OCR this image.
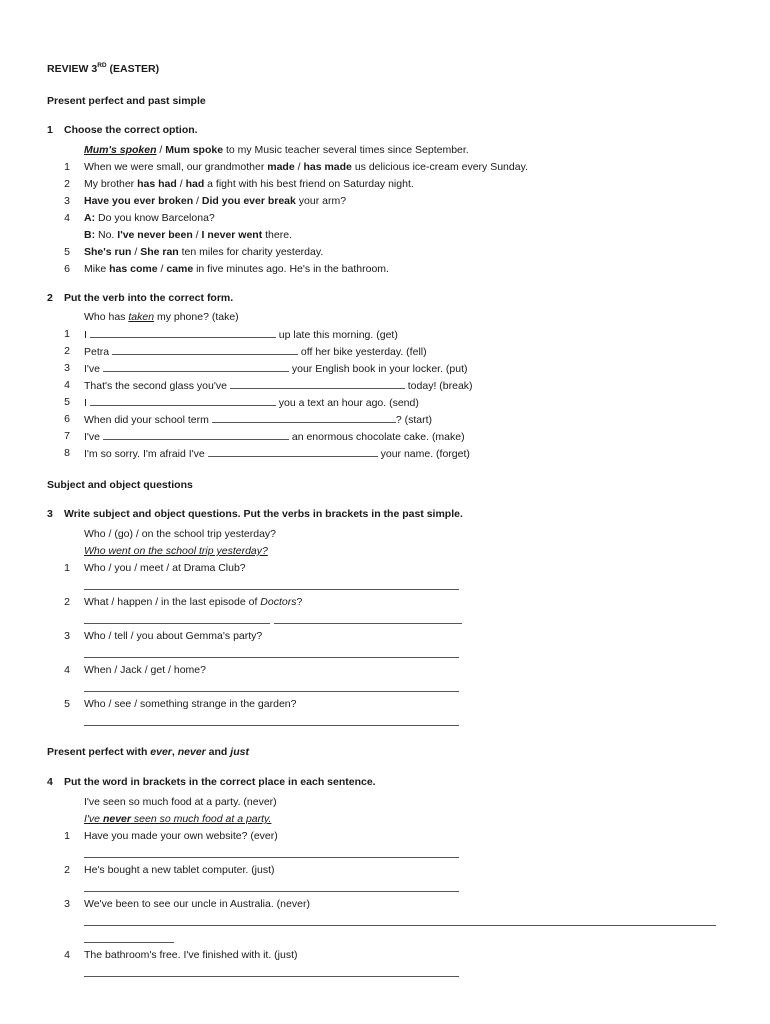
REVIEW 3RD (EASTER)
Present perfect and past simple
1 Choose the correct option.
Mum's spoken / Mum spoke to my Music teacher several times since September.
1 When we were small, our grandmother made / has made us delicious ice-cream every Sunday.
2 My brother has had / had a fight with his best friend on Saturday night.
3 Have you ever broken / Did you ever break your arm?
4 A: Do you know Barcelona?
B: No. I've never been / I never went there.
5 She's run / She ran ten miles for charity yesterday.
6 Mike has come / came in five minutes ago. He's in the bathroom.
2 Put the verb into the correct form.
Who has taken my phone? (take)
1 I	up late this morning. (get)
2 Petra	off her bike yesterday. (fell)
3 I've	your English book in your locker. (put)
4 That's the second glass you've	today! (break)
5 I	you a text an hour ago. (send)
6 When did your school term	? (start)
7 I've	an enormous chocolate cake. (make)
8 I'm so sorry. I'm afraid I've	your name. (forget)
Subject and object questions
3 Write subject and object questions. Put the verbs in brackets in the past simple.
Who / (go) / on the school trip yesterday?
Who went on the school trip yesterday?
1 Who / you / meet / at Drama Club?
2 What / happen / in the last episode of Doctors?
3 Who / tell / you about Gemma's party?
4 When / Jack / get / home?
5 Who / see / something strange in the garden?
Present perfect with ever, never and just
4 Put the word in brackets in the correct place in each sentence.
I've seen so much food at a party. (never)
I've never seen so much food at a party.
1 Have you made your own website? (ever)
2 He's bought a new tablet computer. (just)
3 We've been to see our uncle in Australia. (never)
4 The bathroom's free. I've finished with it. (just)
